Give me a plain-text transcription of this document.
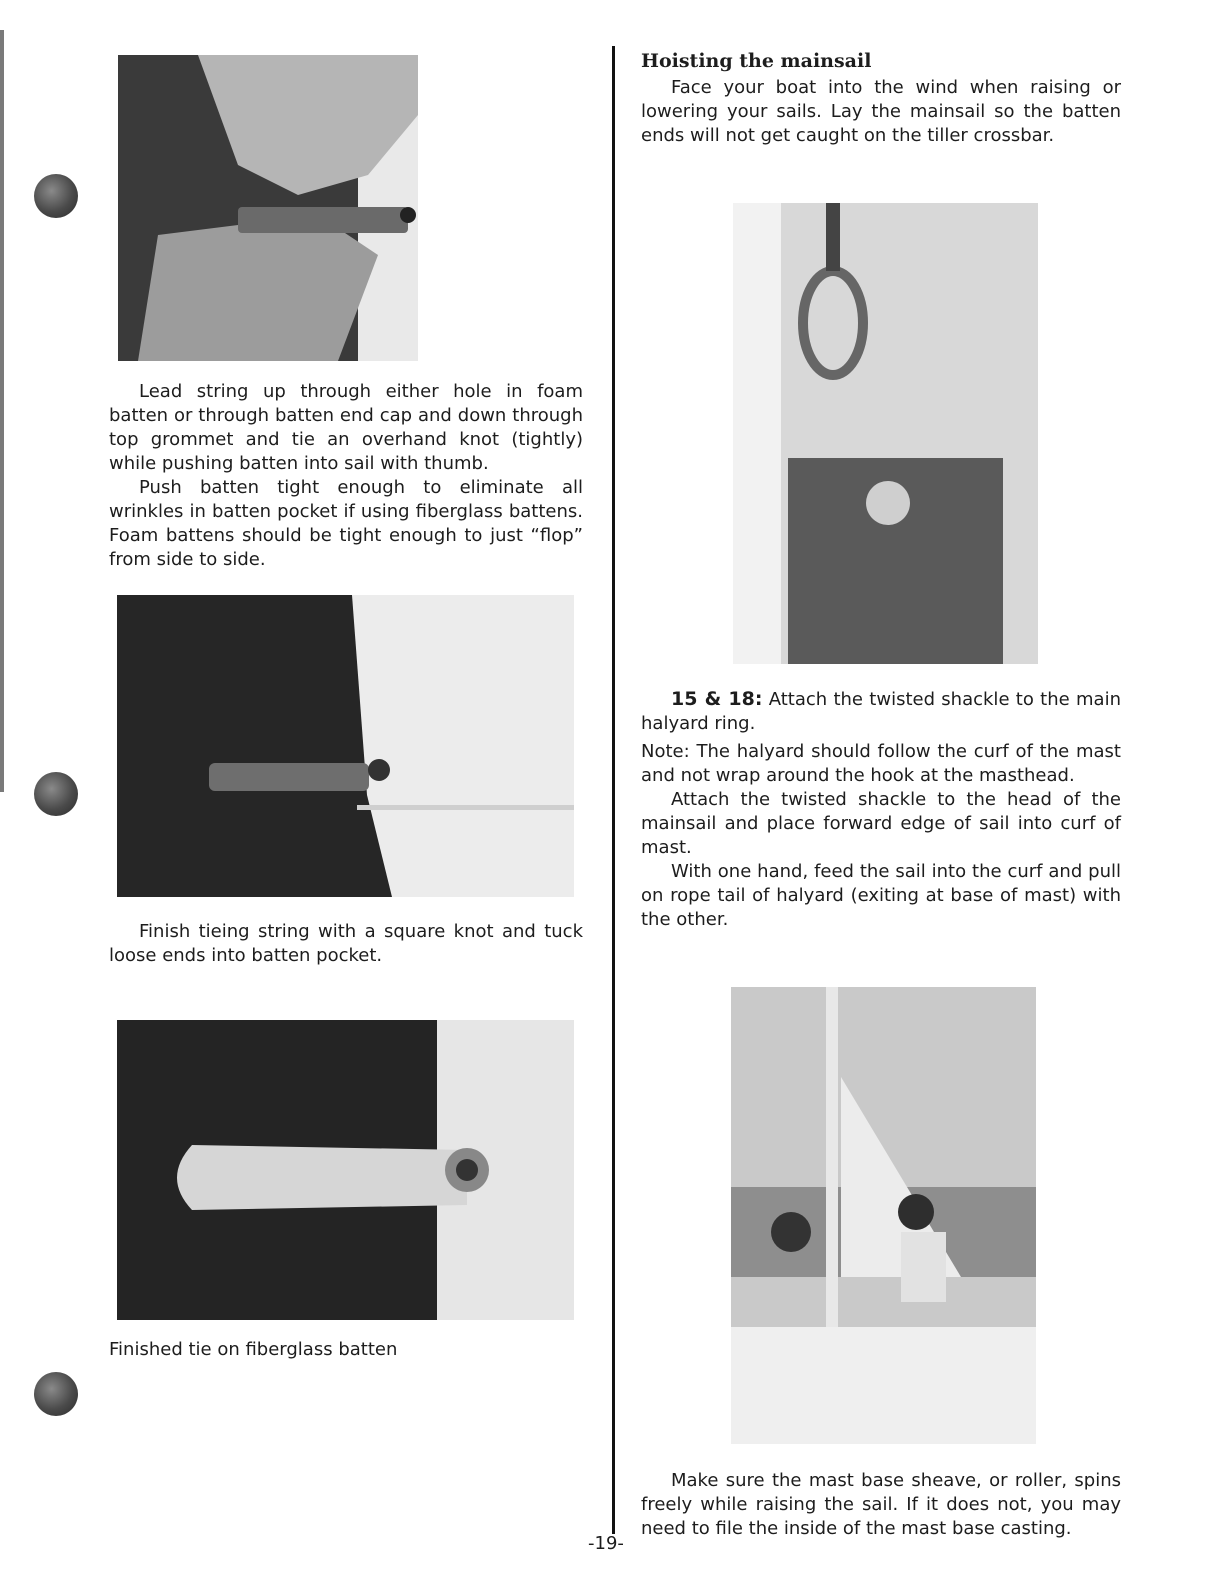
Lead string up through either hole in foam batten or through batten end cap and down through top grommet and tie an overhand knot (tightly) while pushing batten into sail with thumb.

Push batten tight enough to eliminate all wrinkles in batten pocket if using fiberglass battens. Foam battens should be tight enough to just “flop” from side to side.

Finish tieing string with a square knot and tuck loose ends into batten pocket.

Finished tie on fiberglass batten

Hoisting the mainsail

Face your boat into the wind when raising or lowering your sails. Lay the mainsail so the batten ends will not get caught on the tiller crossbar.

15 & 18: Attach the twisted shackle to the main halyard ring.

Note: The halyard should follow the curf of the mast and not wrap around the hook at the masthead.

Attach the twisted shackle to the head of the mainsail and place forward edge of sail into curf of mast.

With one hand, feed the sail into the curf and pull on rope tail of halyard (exiting at base of mast) with the other.

Make sure the mast base sheave, or roller, spins freely while raising the sail. If it does not, you may need to file the inside of the mast base casting.

-19-
